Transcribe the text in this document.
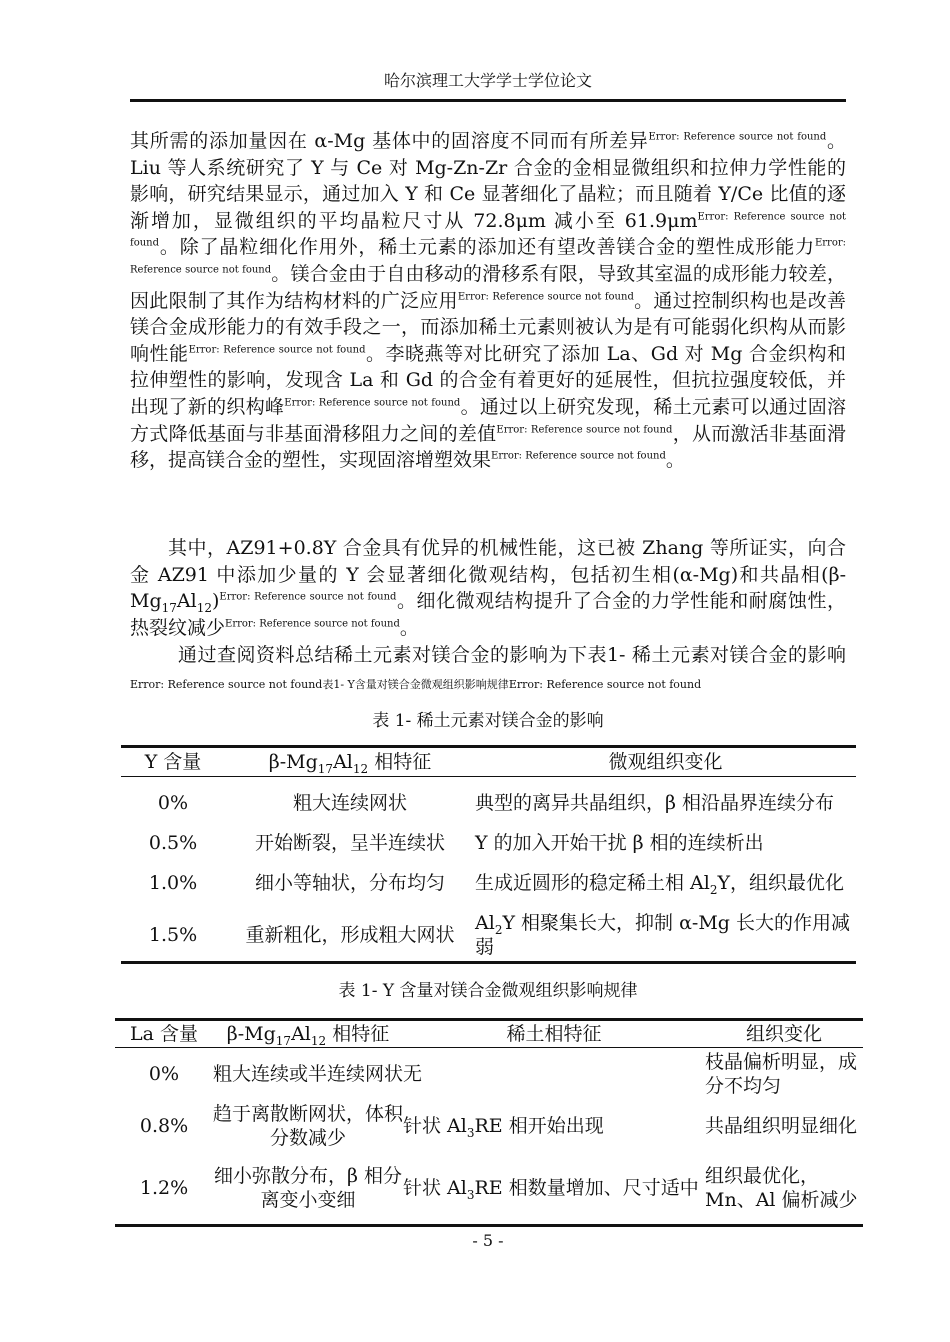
哈尔滨理工大学学士学位论文

其所需的添加量因在 α-Mg 基体中的固溶度不同而有所差异$^{Error: Reference source not found}$。Liu 等人系统研究了 Y 与 Ce 对 Mg-Zn-Zr 合金的金相显微组织和拉伸力学性能的影响，研究结果显示，通过加入 Y 和 Ce 显著细化了晶粒；而且随着 Y/Ce 比值的逐渐增加，显微组织的平均晶粒尺寸从 72.8μm 减小至 61.9μm$^{Error: Reference source not found}$。除了晶粒细化作用外，稀土元素的添加还有望改善镁合金的塑性成形能力$^{Error: Reference source not found}$。镁合金由于自由移动的滑移系有限，导致其室温的成形能力较差，因此限制了其作为结构材料的广泛应用$^{Error: Reference source not found}$。通过控制织构也是改善镁合金成形能力的有效手段之一，而添加稀土元素则被认为是有可能弱化织构从而影响性能$^{Error: Reference source not found}$。李晓燕等对比研究了添加 La、Gd 对 Mg 合金织构和拉伸塑性的影响，发现含 La 和 Gd 的合金有着更好的延展性，但抗拉强度较低，并出现了新的织构峰$^{Error: Reference source not found}$。通过以上研究发现，稀土元素可以通过固溶方式降低基面与非基面滑移阻力之间的差值$^{Error: Reference source not found}$，从而激活非基面滑移，提高镁合金的塑性，实现固溶增塑效果$^{Error: Reference source not found}$。

其中，AZ91+0.8Y 合金具有优异的机械性能，这已被 Zhang 等所证实，向合金 AZ91 中添加少量的 Y 会显著细化微观结构，包括初生相(α-Mg)和共晶相$(\beta-Mg_{17}Al_{12})^{Error: Reference source not found}$。细化微观结构提升了合金的力学性能和耐腐蚀性，热裂纹减少$^{Error: Reference source not found}$。

通过查阅资料总结稀土元素对镁合金的影响为下表1- 稀土元素对镁合金的影响Error: Reference source not found表1- Y含量对镁合金微观组织影响规律Error: Reference source not found

表 1- 稀土元素对镁合金的影响
Y 含量	$\beta-Mg_{17}Al_{12}$ 相特征	微观组织变化
0%	粗大连续网状	典型的离异共晶组织，β 相沿晶界连续分布
0.5%	开始断裂，呈半连续状	Y 的加入开始干扰 β 相的连续析出
1.0%	细小等轴状，分布均匀	生成近圆形的稳定稀土相 $Al_2Y$，组织最优化
1.5%	重新粗化，形成粗大网状	$Al_2Y$ 相聚集长大，抑制 α-Mg 长大的作用减弱
表 1- Y 含量对镁合金微观组织影响规律
La 含量	$\beta-Mg_{17}Al_{12}$ 相特征	稀土相特征	组织变化
0%	粗大连续或半连续网状	无	枝晶偏析明显，成分不均匀
0.8%	趋于离散断网状，体积分数减少	针状 $Al_3RE$ 相开始出现	共晶组织明显细化
1.2%	细小弥散分布，β 相分离变小变细	针状 $Al_3RE$ 相数量增加、尺寸适中	组织最优化，Mn、Al 偏析减少
- 5 -
